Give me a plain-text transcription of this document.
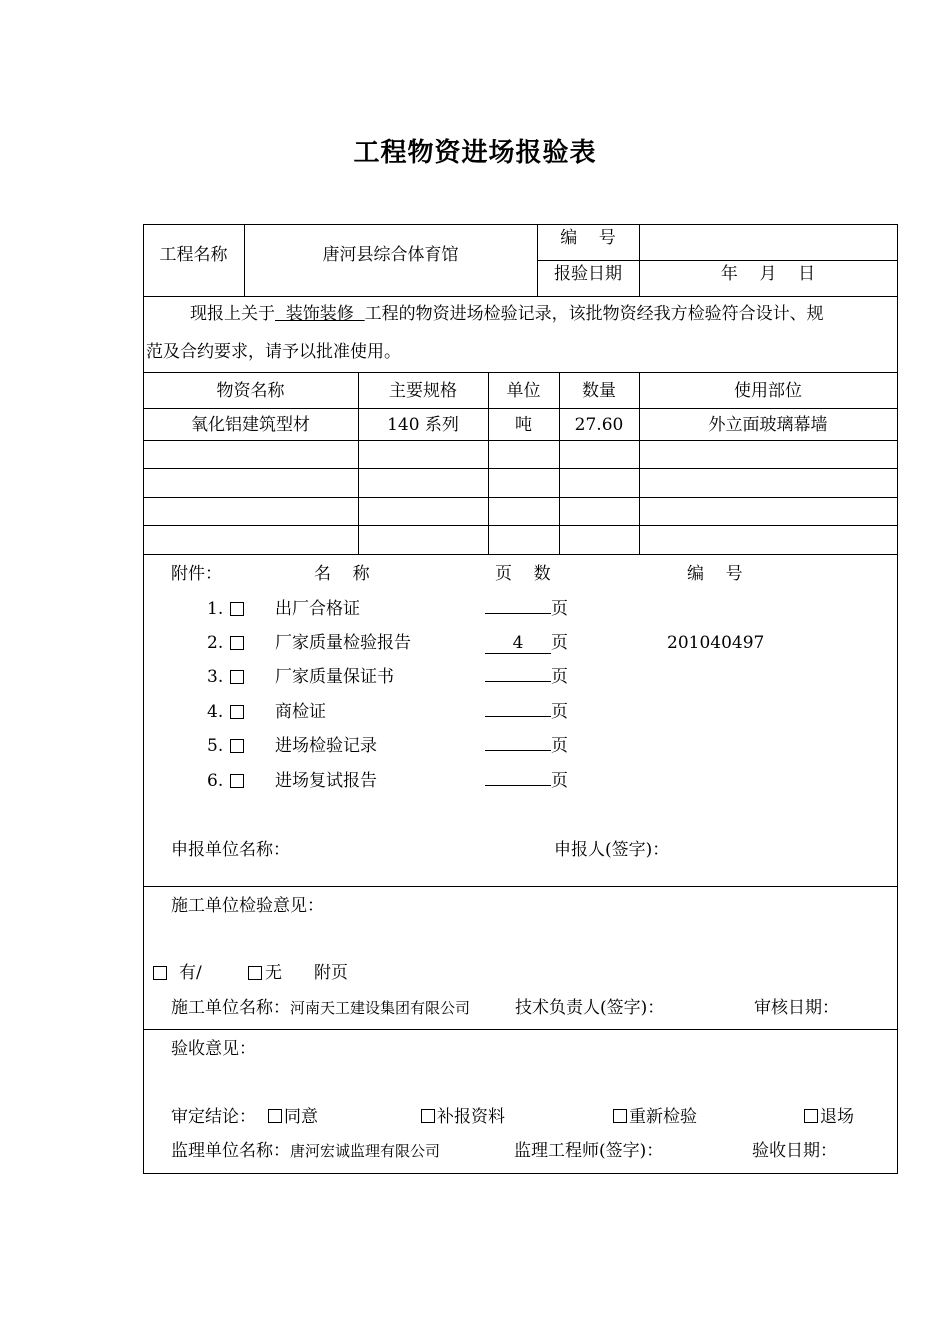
工程物资进场报验表
工程名称	唐河县综合体育馆
编    号
报验日期	年    月    日
现报上关于  装饰装修  工程的物资进场检验记录，该批物资经我方检验符合设计、规
范及合约要求，请予以批准使用。
物资名称	主要规格	单位	数量	使用部位
氧化铝建筑型材	140 系列	吨	27.60	外立面玻璃幕墙
附件：	名    称	页    数	编    号
1.	出厂合格证	页
2.	厂家质量检验报告	4 页	201040497
3.	厂家质量保证书	页
4.	商检证	页
5.	进场检验记录	页
6.	进场复试报告	页
申报单位名称：	申报人(签字)：
施工单位检验意见：
有/	无 附页
施工单位名称：河南天工建设集团有限公司	技术负责人(签字)：	审核日期：
验收意见：
审定结论：	同意	补报资料	重新检验	退场
监理单位名称：唐河宏诚监理有限公司	监理工程师(签字)：	验收日期：
